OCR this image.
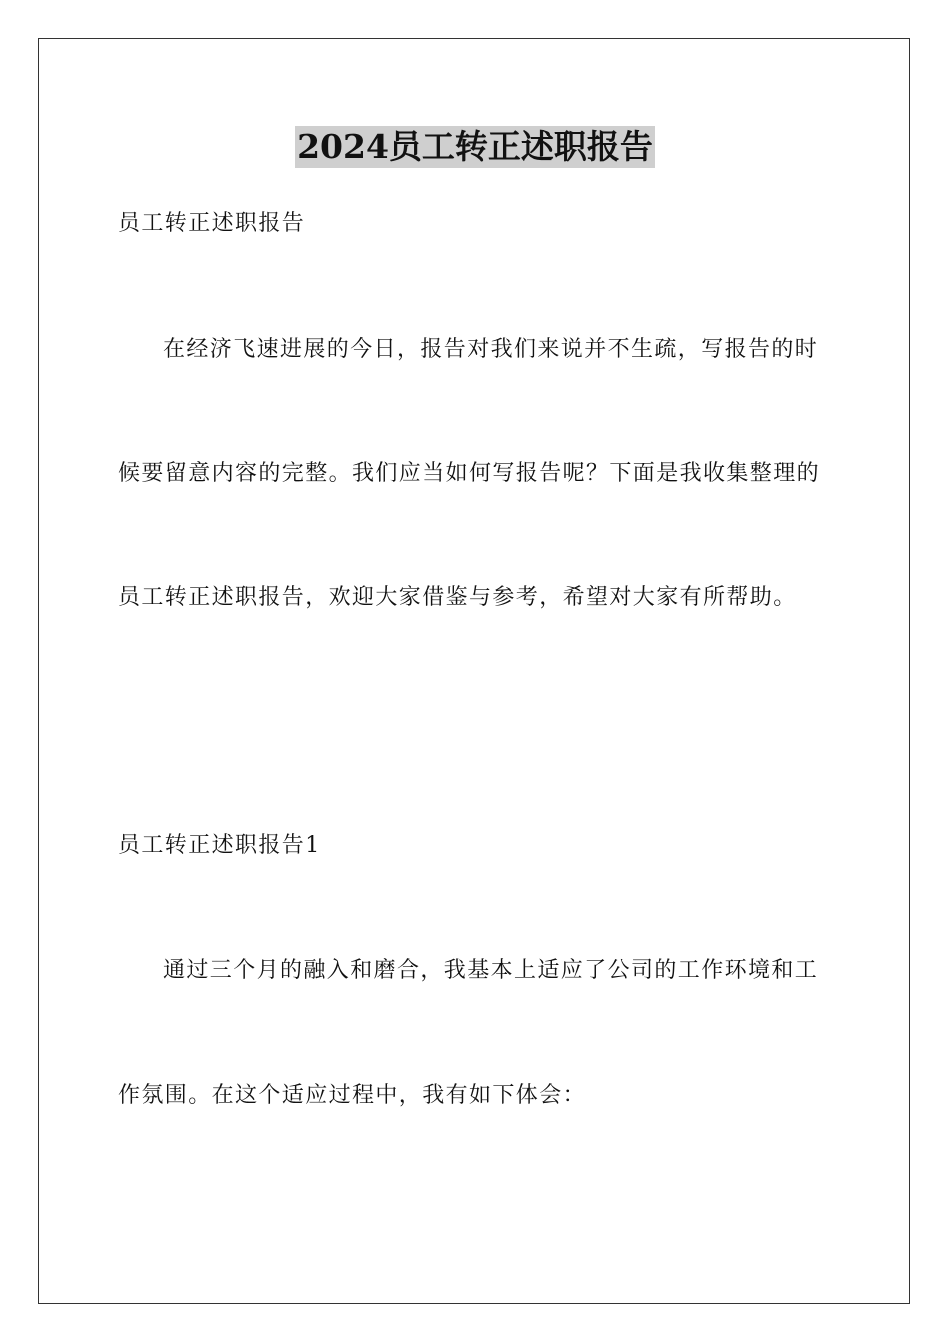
2024员工转正述职报告
员工转正述职报告
在经济飞速进展的今日，报告对我们来说并不生疏，写报告的时
候要留意内容的完整。我们应当如何写报告呢？下面是我收集整理的
员工转正述职报告，欢迎大家借鉴与参考，希望对大家有所帮助。
员工转正述职报告1
通过三个月的融入和磨合，我基本上适应了公司的工作环境和工
作氛围。在这个适应过程中，我有如下体会：
